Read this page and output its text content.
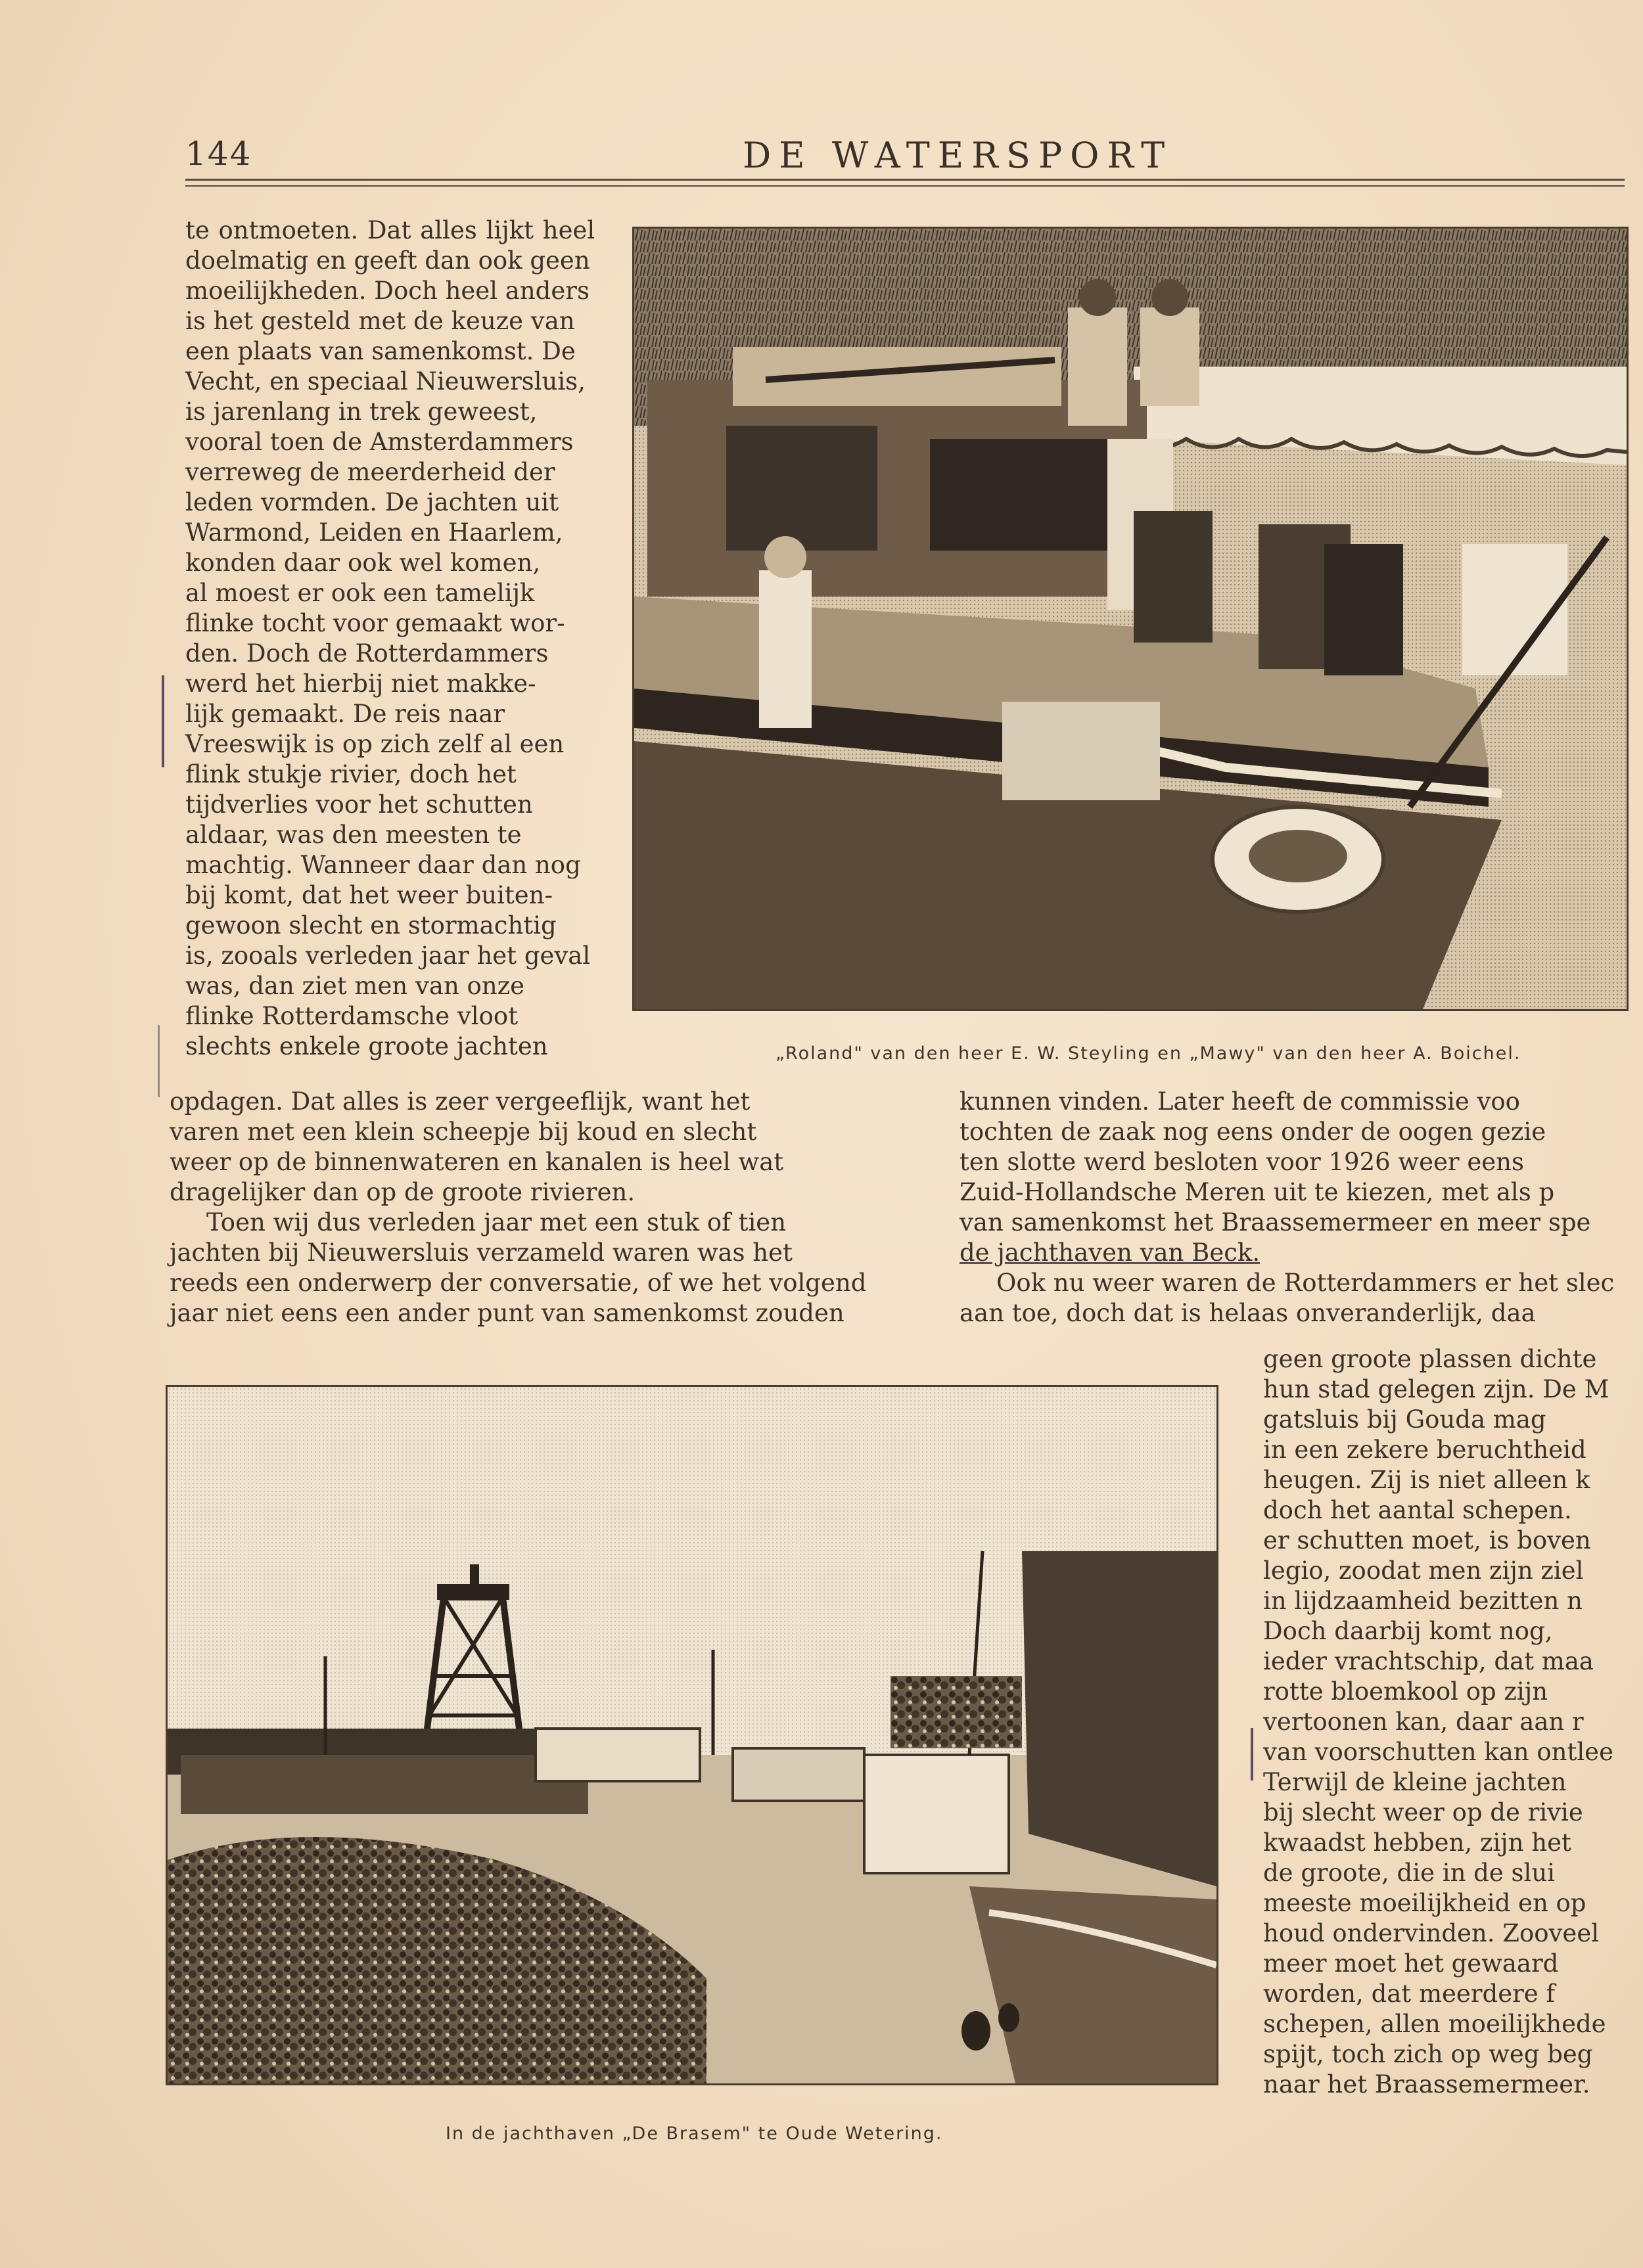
144	DE WATERSPORT

te ontmoeten. Dat alles lijkt heel

doelmatig en geeft dan ook geen

moeilijkheden. Doch heel anders

is het gesteld met de keuze van

een plaats van samenkomst. De

Vecht, en speciaal Nieuwersluis,

is jarenlang in trek geweest,

vooral toen de Amsterdammers

verreweg de meerderheid der

leden vormden. De jachten uit

Warmond, Leiden en Haarlem,

konden daar ook wel komen,

al moest er ook een tamelijk

flinke tocht voor gemaakt wor-

den. Doch de Rotterdammers

werd het hierbij niet makke-

lijk gemaakt. De reis naar

Vreeswijk is op zich zelf al een

flink stukje rivier, doch het

tijdverlies voor het schutten

aldaar, was den meesten te

machtig. Wanneer daar dan nog

bij komt, dat het weer buiten-

gewoon slecht en stormachtig

is, zooals verleden jaar het geval

was, dan ziet men van onze

flinke Rotterdamsche vloot

slechts enkele groote jachten	„Roland" van den heer E. W. Steyling en „Mawy" van den heer A. Boichel.

opdagen. Dat alles is zeer vergeeflijk, want het

varen met een klein scheepje bij koud en slecht

weer op de binnenwateren en kanalen is heel wat

dragelijker dan op de groote rivieren.

Toen wij dus verleden jaar met een stuk of tien

jachten bij Nieuwersluis verzameld waren was het

reeds een onderwerp der conversatie, of we het volgend

jaar niet eens een ander punt van samenkomst zouden

kunnen vinden. Later heeft de commissie voo

tochten de zaak nog eens onder de oogen gezie

ten slotte werd besloten voor 1926 weer eens

Zuid-Hollandsche Meren uit te kiezen, met als p

van samenkomst het Braassemermeer en meer spe

de jachthaven van Beck.

Ook nu weer waren de Rotterdammers er het slec

aan toe, doch dat is helaas onveranderlijk, daa

In de jachthaven „De Brasem" te Oude Wetering.

geen groote plassen dichte

hun stad gelegen zijn. De M

gatsluis bij Gouda mag

in een zekere beruchtheid

heugen. Zij is niet alleen k

doch het aantal schepen.

er schutten moet, is boven

legio, zoodat men zijn ziel

in lijdzaamheid bezitten n

Doch daarbij komt nog,

ieder vrachtschip, dat maa

rotte bloemkool op zijn

vertoonen kan, daar aan r

van voorschutten kan ontlee

Terwijl de kleine jachten

bij slecht weer op de rivie

kwaadst hebben, zijn het

de groote, die in de slui

meeste moeilijkheid en op

houd ondervinden. Zooveel

meer moet het gewaard

worden, dat meerdere f

schepen, allen moeilijkhede

spijt, toch zich op weg beg

naar het Braassemermeer.
